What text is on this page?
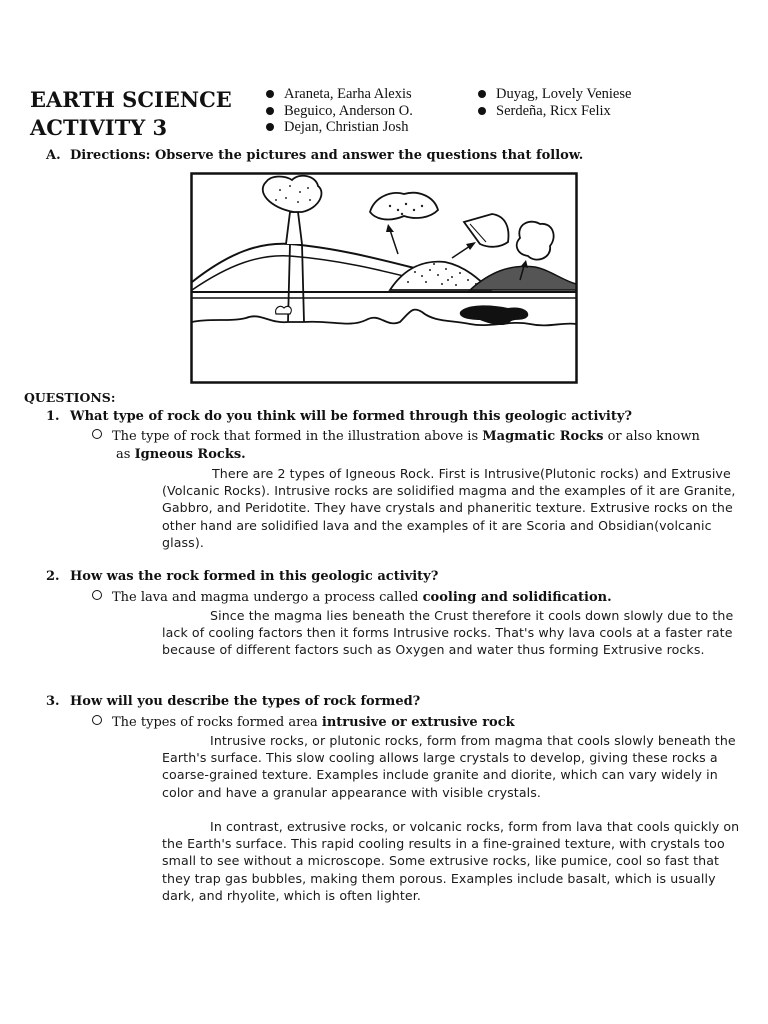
EARTH SCIENCE
ACTIVITY 3
Araneta, Earha Alexis
Beguico, Anderson O.
Dejan, Christian Josh
Duyag, Lovely Veniese
Serdeña, Ricx Felix
A. Directions: Observe the pictures and answer the questions that follow.
QUESTIONS:
1. What type of rock do you think will be formed through this geologic activity?
The type of rock that formed in the illustration above is Magmatic Rocks or also known
as Igneous Rocks.

There are 2 types of Igneous Rock. First is Intrusive(Plutonic rocks) and Extrusive (Volcanic Rocks). Intrusive rocks are solidified magma and the examples of it are Granite, Gabbro, and Peridotite. They have crystals and phaneritic texture. Extrusive rocks on the other hand are solidified lava and the examples of it are Scoria and Obsidian(volcanic glass).

2. How was the rock formed in this geologic activity?
The lava and magma undergo a process called cooling and solidification.

Since the magma lies beneath the Crust therefore it cools down slowly due to the lack of cooling factors then it forms Intrusive rocks. That's why lava cools at a faster rate because of different factors such as Oxygen and water thus forming Extrusive rocks.

3. How will you describe the types of rock formed?
The types of rocks formed area intrusive or extrusive rock

Intrusive rocks, or plutonic rocks, form from magma that cools slowly beneath the Earth's surface. This slow cooling allows large crystals to develop, giving these rocks a coarse-grained texture. Examples include granite and diorite, which can vary widely in color and have a granular appearance with visible crystals.

In contrast, extrusive rocks, or volcanic rocks, form from lava that cools quickly on the Earth's surface. This rapid cooling results in a fine-grained texture, with crystals too small to see without a microscope. Some extrusive rocks, like pumice, cool so fast that they trap gas bubbles, making them porous. Examples include basalt, which is usually dark, and rhyolite, which is often lighter.
